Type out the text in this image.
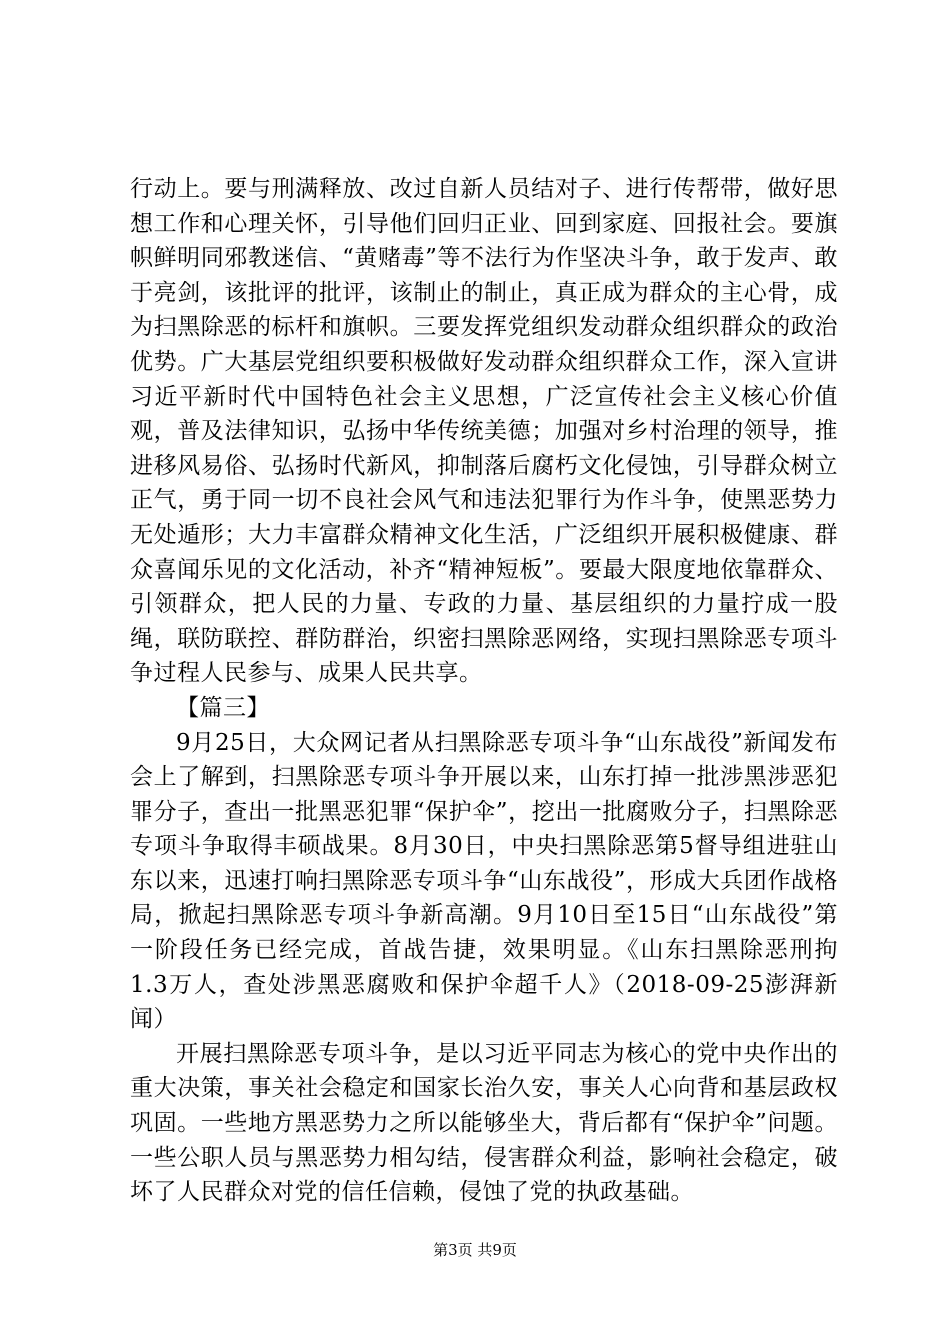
行动上。要与刑满释放、改过自新人员结对子、进行传帮带，做好思想工作和心理关怀，引导他们回归正业、回到家庭、回报社会。要旗帜鲜明同邪教迷信、“黄赌毒”等不法行为作坚决斗争，敢于发声、敢于亮剑，该批评的批评，该制止的制止，真正成为群众的主心骨，成为扫黑除恶的标杆和旗帜。三要发挥党组织发动群众组织群众的政治优势。广大基层党组织要积极做好发动群众组织群众工作，深入宣讲习近平新时代中国特色社会主义思想，广泛宣传社会主义核心价值观，普及法律知识，弘扬中华传统美德；加强对乡村治理的领导，推进移风易俗、弘扬时代新风，抑制落后腐朽文化侵蚀，引导群众树立正气，勇于同一切不良社会风气和违法犯罪行为作斗争，使黑恶势力无处遁形；大力丰富群众精神文化生活，广泛组织开展积极健康、群众喜闻乐见的文化活动，补齐“精神短板”。要最大限度地依靠群众、引领群众，把人民的力量、专政的力量、基层组织的力量拧成一股绳，联防联控、群防群治，织密扫黑除恶网络，实现扫黑除恶专项斗争过程人民参与、成果人民共享。

【篇三】

9月25日，大众网记者从扫黑除恶专项斗争“山东战役”新闻发布会上了解到，扫黑除恶专项斗争开展以来，山东打掉一批涉黑涉恶犯罪分子，查出一批黑恶犯罪“保护伞”，挖出一批腐败分子，扫黑除恶专项斗争取得丰硕战果。8月30日，中央扫黑除恶第5督导组进驻山东以来，迅速打响扫黑除恶专项斗争“山东战役”，形成大兵团作战格局，掀起扫黑除恶专项斗争新高潮。9月10日至15日“山东战役”第一阶段任务已经完成，首战告捷，效果明显。《山东扫黑除恶刑拘1.3万人，查处涉黑恶腐败和保护伞超千人》（2018-09-25澎湃新闻）

开展扫黑除恶专项斗争，是以习近平同志为核心的党中央作出的重大决策，事关社会稳定和国家长治久安，事关人心向背和基层政权巩固。一些地方黑恶势力之所以能够坐大，背后都有“保护伞”问题。一些公职人员与黑恶势力相勾结，侵害群众利益，影响社会稳定，破坏了人民群众对党的信任信赖，侵蚀了党的执政基础。

第3页 共9页
